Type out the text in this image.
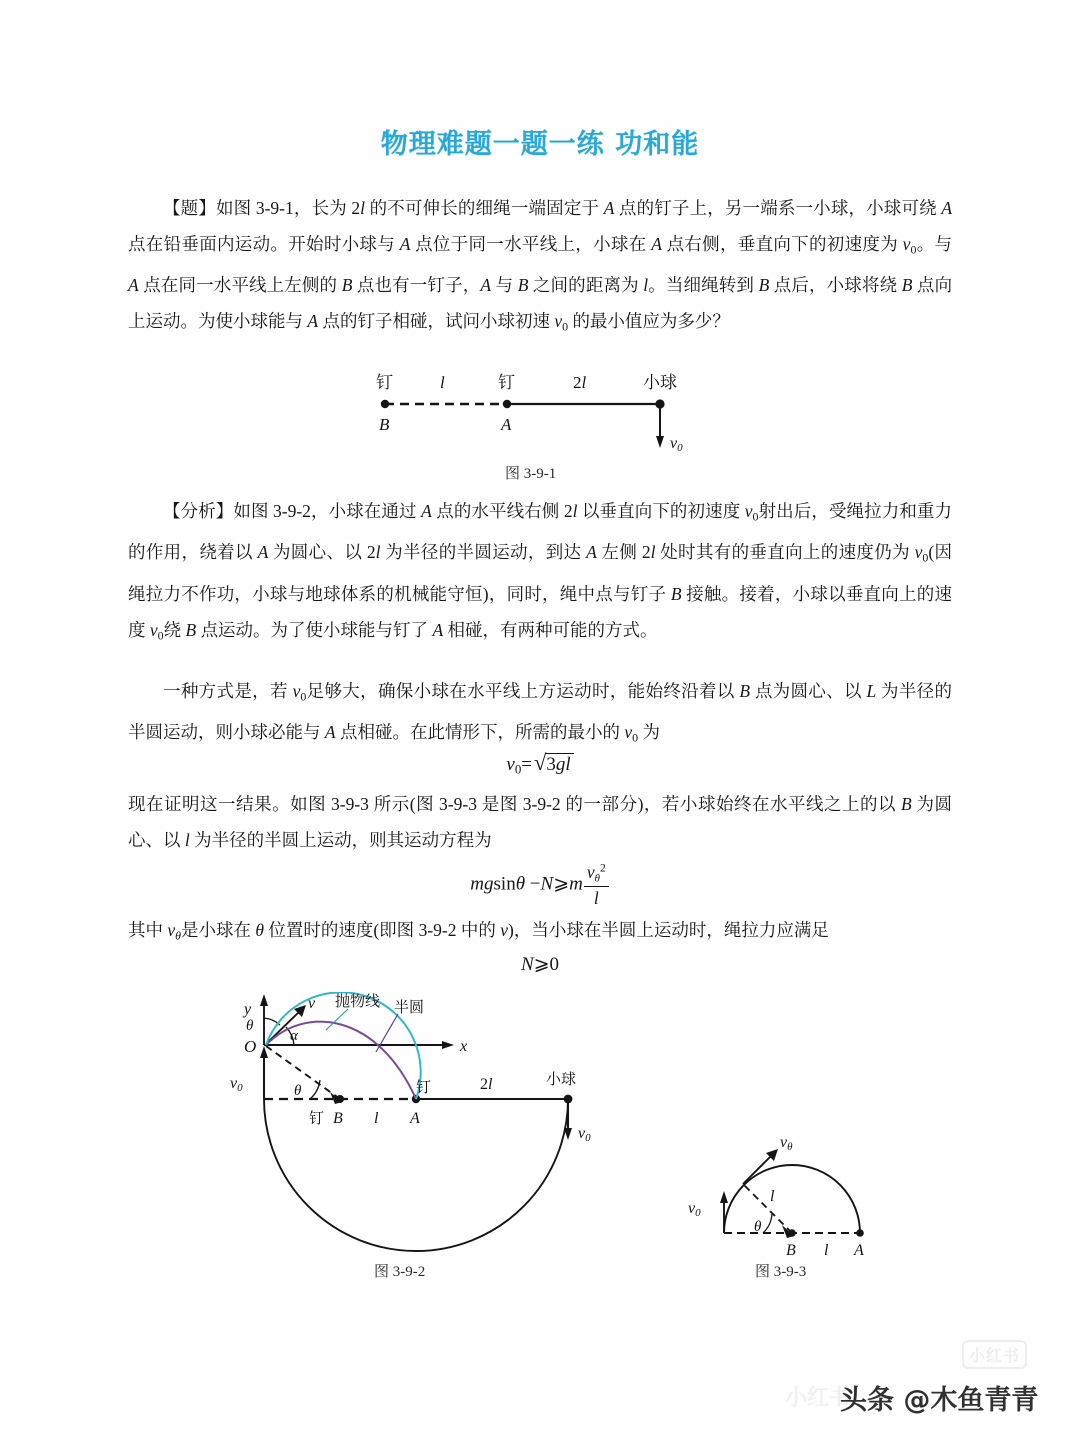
物理难题一题一练 功和能
【题】如图 3-9-1，长为 2l 的不可伸长的细绳一端固定于 A 点的钉子上，另一端系一小球，小球可绕 A 点在铅垂面内运动。开始时小球与 A 点位于同一水平线上，小球在 A 点右侧，垂直向下的初速度为 v0。与 A 点在同一水平线上左侧的 B 点也有一钉子，A 与 B 之间的距离为 l。当细绳转到 B 点后，小球将绕 B 点向上运动。为使小球能与 A 点的钉子相碰，试问小球初速 v0 的最小值应为多少？
钉	钉
l	2l	小球
B	A
v0
图 3-9-1
【分析】如图 3-9-2，小球在通过 A 点的水平线右侧 2l 以垂直向下的初速度 v0射出后，受绳拉力和重力的作用，绕着以 A 为圆心、以 2l 为半径的半圆运动，到达 A 左侧 2l 处时其有的垂直向上的速度仍为 v0(因绳拉力不作功，小球与地球体系的机械能守恒)，同时，绳中点与钉子 B 接触。接着，小球以垂直向上的速度 v0绕 B 点运动。为了使小球能与钉了 A 相碰，有两种可能的方式。
一种方式是，若 v0足够大，确保小球在水平线上方运动时，能始终沿着以 B 点为圆心、以 L 为半径的半圆运动，则小球必能与 A 点相碰。在此情形下，所需的最小的 v0 为
v0=√3gl
现在证明这一结果。如图 3-9-3 所示(图 3-9-3 是图 3-9-2 的一部分)，若小球始终在水平线之上的以 B 为圆心、以 l 为半径的半圆上运动，则其运动方程为
mgsinθ −N⩾m $\frac{v\theta^2}{l}$
其中 $v_\theta$是小球在 θ 位置时的速度(即图 3-9-2 中的 v)，当小球在半圆上运动时，绳拉力应满足
N⩾0
y
x
O
v
θ
α
θ
抛物线 半圆
钉
钉 B	A
l
2l	小球
v0
v0
图 3-9-2
vθ
v0
l
θ
B l A
图 3-9-3
小红书
小红书
头条 @木鱼青青
